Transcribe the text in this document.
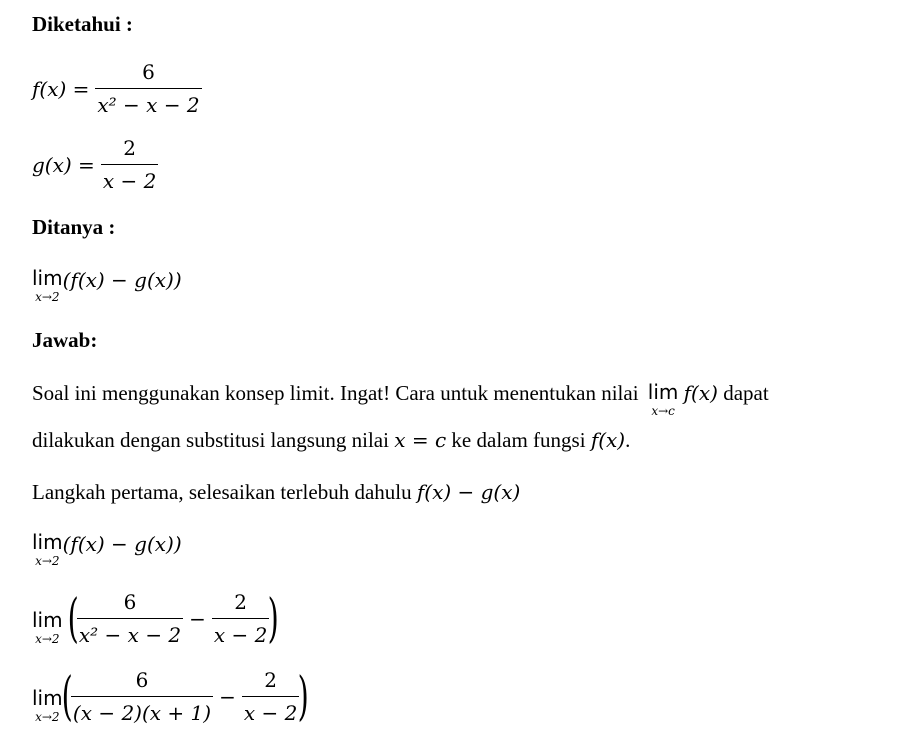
Diketahui :
$f(x) = \frac{6}{\text{x² − x − 2}}$
$g(x) = \frac{2}{x - 2}$
Ditanya :
lim
x→2
(f(x) − g(x))
Jawab:
Soal ini menggunakan konsep limit. Ingat! Cara untuk menentukan nilai lim
x→c
f(x) dapat
dilakukan dengan substitusi langsung nilai x = c ke dalam fungsi f(x).
Langkah pertama, selesaikan terlebuh dahulu f(x) − g(x)
lim
x→2
(f(x) − g(x))
lim
x→2 (
$\frac{6}{\text{x² − x − 2}} - \frac{2}{x - 2}$
)
lim
x→2 (
$\frac{6}{(x - 2)(x + 1)} - \frac{2}{x - 2}$
)
